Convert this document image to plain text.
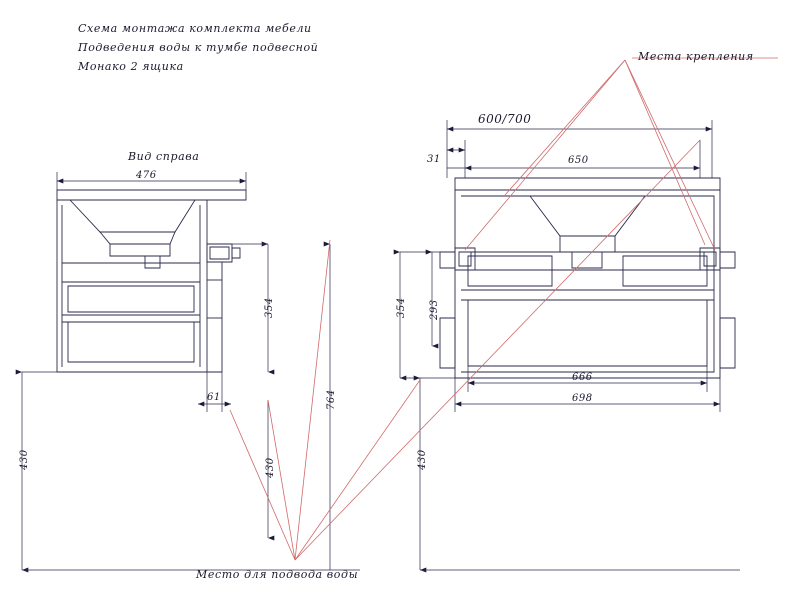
Схема монтажа комплекта мебели
Подведения воды к тумбе подвесной
Монако 2 ящика
Места крепления
Вид справа
Место для подвода воды
476
61
354
764
430	430
600/700
31	650
354 293
430
666
698
